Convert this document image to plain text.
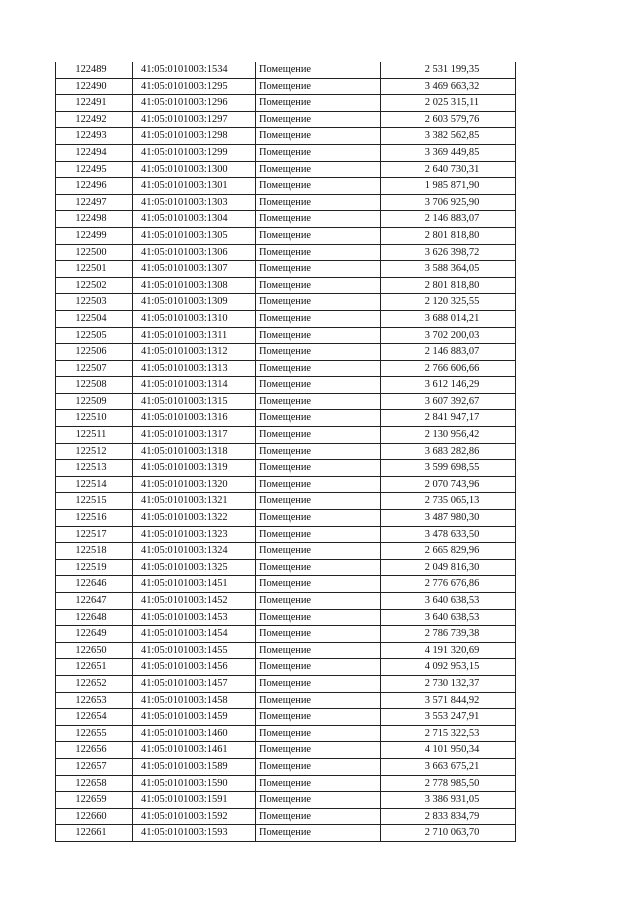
122489	41:05:0101003:1534	Помещение	2 531 199,35
122490	41:05:0101003:1295	Помещение	3 469 663,32
122491	41:05:0101003:1296	Помещение	2 025 315,11
122492	41:05:0101003:1297	Помещение	2 603 579,76
122493	41:05:0101003:1298	Помещение	3 382 562,85
122494	41:05:0101003:1299	Помещение	3 369 449,85
122495	41:05:0101003:1300	Помещение	2 640 730,31
122496	41:05:0101003:1301	Помещение	1 985 871,90
122497	41:05:0101003:1303	Помещение	3 706 925,90
122498	41:05:0101003:1304	Помещение	2 146 883,07
122499	41:05:0101003:1305	Помещение	2 801 818,80
122500	41:05:0101003:1306	Помещение	3 626 398,72
122501	41:05:0101003:1307	Помещение	3 588 364,05
122502	41:05:0101003:1308	Помещение	2 801 818,80
122503	41:05:0101003:1309	Помещение	2 120 325,55
122504	41:05:0101003:1310	Помещение	3 688 014,21
122505	41:05:0101003:1311	Помещение	3 702 200,03
122506	41:05:0101003:1312	Помещение	2 146 883,07
122507	41:05:0101003:1313	Помещение	2 766 606,66
122508	41:05:0101003:1314	Помещение	3 612 146,29
122509	41:05:0101003:1315	Помещение	3 607 392,67
122510	41:05:0101003:1316	Помещение	2 841 947,17
122511	41:05:0101003:1317	Помещение	2 130 956,42
122512	41:05:0101003:1318	Помещение	3 683 282,86
122513	41:05:0101003:1319	Помещение	3 599 698,55
122514	41:05:0101003:1320	Помещение	2 070 743,96
122515	41:05:0101003:1321	Помещение	2 735 065,13
122516	41:05:0101003:1322	Помещение	3 487 980,30
122517	41:05:0101003:1323	Помещение	3 478 633,50
122518	41:05:0101003:1324	Помещение	2 665 829,96
122519	41:05:0101003:1325	Помещение	2 049 816,30
122646	41:05:0101003:1451	Помещение	2 776 676,86
122647	41:05:0101003:1452	Помещение	3 640 638,53
122648	41:05:0101003:1453	Помещение	3 640 638,53
122649	41:05:0101003:1454	Помещение	2 786 739,38
122650	41:05:0101003:1455	Помещение	4 191 320,69
122651	41:05:0101003:1456	Помещение	4 092 953,15
122652	41:05:0101003:1457	Помещение	2 730 132,37
122653	41:05:0101003:1458	Помещение	3 571 844,92
122654	41:05:0101003:1459	Помещение	3 553 247,91
122655	41:05:0101003:1460	Помещение	2 715 322,53
122656	41:05:0101003:1461	Помещение	4 101 950,34
122657	41:05:0101003:1589	Помещение	3 663 675,21
122658	41:05:0101003:1590	Помещение	2 778 985,50
122659	41:05:0101003:1591	Помещение	3 386 931,05
122660	41:05:0101003:1592	Помещение	2 833 834,79
122661	41:05:0101003:1593	Помещение	2 710 063,70
